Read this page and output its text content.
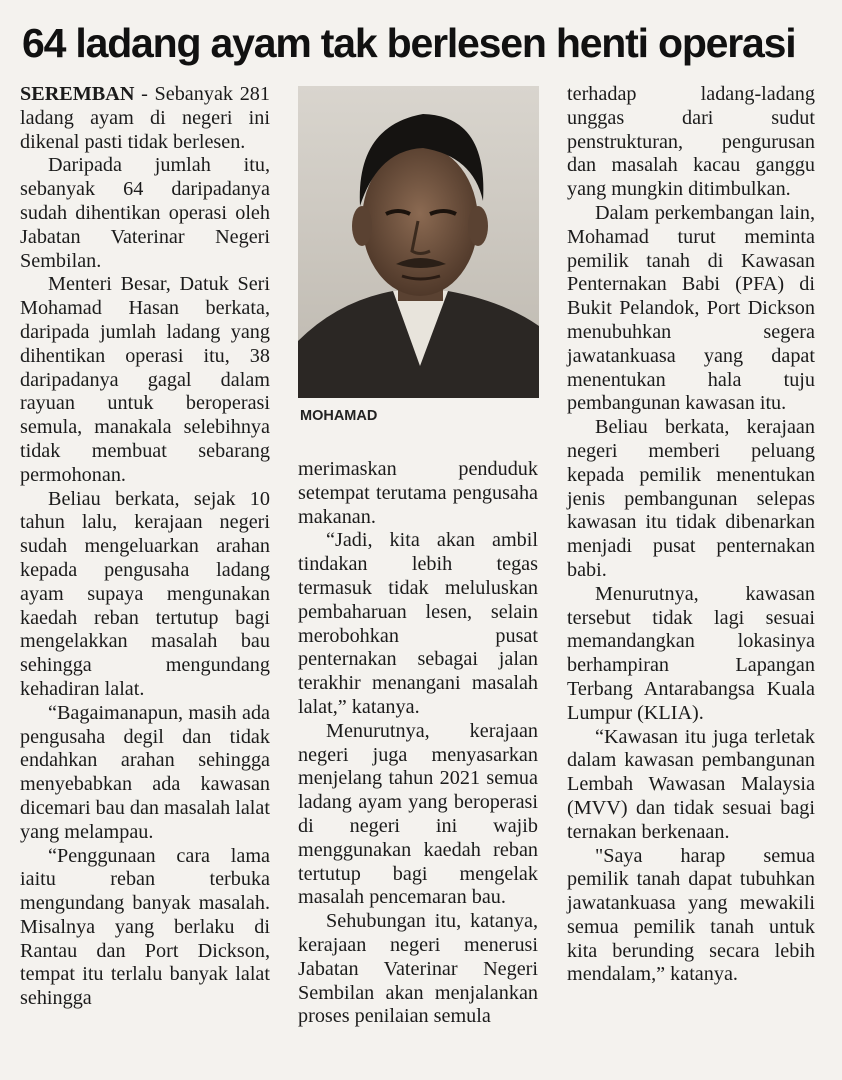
64 ladang ayam tak berlesen henti operasi

SEREMBAN - Sebanyak 281 ladang ayam di negeri ini dikenal pasti tidak berlesen.

Daripada jumlah itu, sebanyak 64 daripadanya sudah dihentikan operasi oleh Jabatan Vaterinar Negeri Sembilan.

Menteri Besar, Datuk Seri Mohamad Hasan berkata, daripada jumlah ladang yang dihentikan operasi itu, 38 daripadanya gagal dalam rayuan untuk beroperasi semula, manakala selebihnya tidak membuat sebarang permohonan.

Beliau berkata, sejak 10 tahun lalu, kerajaan negeri sudah mengeluarkan arahan kepada pengusaha ladang ayam supaya mengunakan kaedah reban tertutup bagi mengelakkan masalah bau sehingga mengundang kehadiran lalat.

“Bagaimanapun, masih ada pengusaha degil dan tidak endahkan arahan sehingga menyebabkan ada kawasan dicemari bau dan masalah lalat yang melampau.

“Penggunaan cara lama iaitu reban terbuka mengundang banyak masalah. Misalnya yang berlaku di Rantau dan Port Dickson, tempat itu terlalu banyak lalat sehingga

MOHAMAD

merimaskan penduduk setempat terutama pengusaha makanan.

“Jadi, kita akan ambil tindakan lebih tegas termasuk tidak meluluskan pembaharuan lesen, selain merobohkan pusat penternakan sebagai jalan terakhir menangani masalah lalat,” katanya.

Menurutnya, kerajaan negeri juga menyasarkan menjelang tahun 2021 semua ladang ayam yang beroperasi di negeri ini wajib menggunakan kaedah reban tertutup bagi mengelak masalah pencemaran bau.

Sehubungan itu, katanya, kerajaan negeri menerusi Jabatan Vaterinar Negeri Sembilan akan menjalankan proses penilaian semula

terhadap ladang-ladang unggas dari sudut penstrukturan, pengurusan dan masalah kacau ganggu yang mungkin ditimbulkan.

Dalam perkembangan lain, Mohamad turut meminta pemilik tanah di Kawasan Penternakan Babi (PFA) di Bukit Pelandok, Port Dickson menubuhkan segera jawatankuasa yang dapat menentukan hala tuju pembangunan kawasan itu.

Beliau berkata, kerajaan negeri memberi peluang kepada pemilik menentukan jenis pembangunan selepas kawasan itu tidak dibenarkan menjadi pusat penternakan babi.

Menurutnya, kawasan tersebut tidak lagi sesuai memandangkan lokasinya berhampiran Lapangan Terbang Antarabangsa Kuala Lumpur (KLIA).

“Kawasan itu juga terletak dalam kawasan pembangunan Lembah Wawasan Malaysia (MVV) dan tidak sesuai bagi ternakan berkenaan.

"Saya harap semua pemilik tanah dapat tubuhkan jawatankuasa yang mewakili semua pemilik tanah untuk kita berunding secara lebih mendalam,” katanya.
